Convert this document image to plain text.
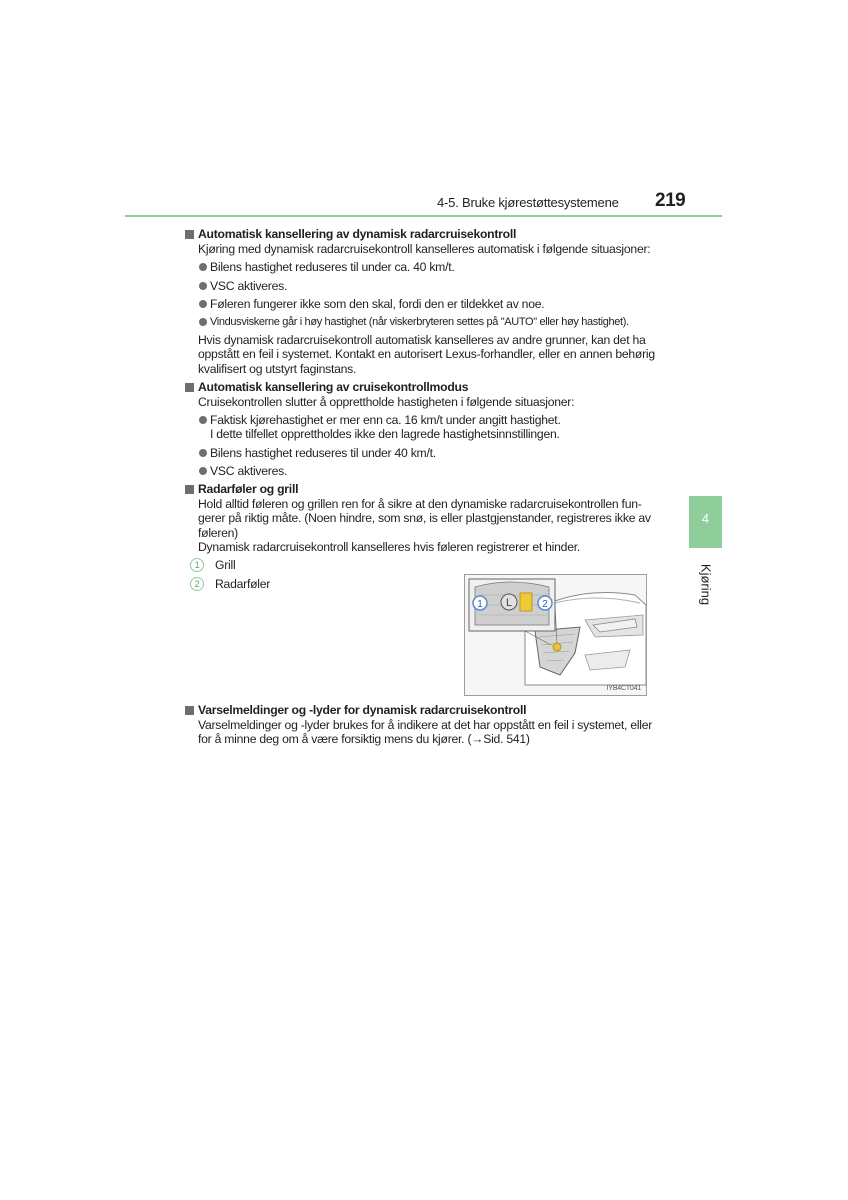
4-5. Bruke kjørestøttesystemene 219
4
Kjøring
Automatisk kansellering av dynamisk radarcruisekontroll
Kjøring med dynamisk radarcruisekontroll kanselleres automatisk i følgende situasjoner:
Bilens hastighet reduseres til under ca. 40 km/t.
VSC aktiveres.
Føleren fungerer ikke som den skal, fordi den er tildekket av noe.
Vindusviskerne går i høy hastighet (når viskerbryteren settes på "AUTO" eller høy hastighet).
Hvis dynamisk radarcruisekontroll automatisk kanselleres av andre grunner, kan det ha oppstått en feil i systemet. Kontakt en autorisert Lexus-forhandler, eller en annen behørig kvalifisert og utstyrt faginstans.
Automatisk kansellering av cruisekontrollmodus
Cruisekontrollen slutter å opprettholde hastigheten i følgende situasjoner:
Faktisk kjørehastighet er mer enn ca. 16 km/t under angitt hastighet.
I dette tilfellet opprettholdes ikke den lagrede hastighetsinnstillingen.
Bilens hastighet reduseres til under 40 km/t.
VSC aktiveres.
Radarføler og grill
Hold alltid føleren og grillen ren for å sikre at den dynamiske radarcruisekontrollen fun-gerer på riktig måte. (Noen hindre, som snø, is eller plastgjenstander, registreres ikke av føleren)
Dynamisk radarcruisekontroll kanselleres hvis føleren registrerer et hinder.
1	Grill
2	Radarføler
Varselmeldinger og -lyder for dynamisk radarcruisekontroll
Varselmeldinger og -lyder brukes for å indikere at det har oppstått en feil i systemet, eller for å minne deg om å være forsiktig mens du kjører. (→Sid. 541)
L
1	2
IYB4CT041
